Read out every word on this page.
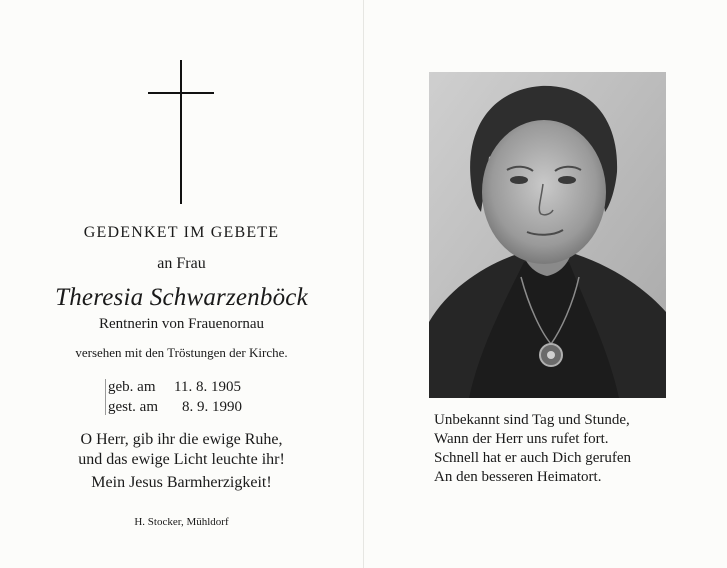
GEDENKET IM GEBETE
an Frau
Theresia Schwarzenböck
Rentnerin von Frauenornau
versehen mit den Tröstungen der Kirche.
geb. am 11. 8. 1905
gest. am 8. 9. 1990
O Herr, gib ihr die ewige Ruhe,
und das ewige Licht leuchte ihr!
Mein Jesus Barmherzigkeit!
H. Stocker, Mühldorf
Unbekannt sind Tag und Stunde,
Wann der Herr uns rufet fort.
Schnell hat er auch Dich gerufen
An den besseren Heimatort.
